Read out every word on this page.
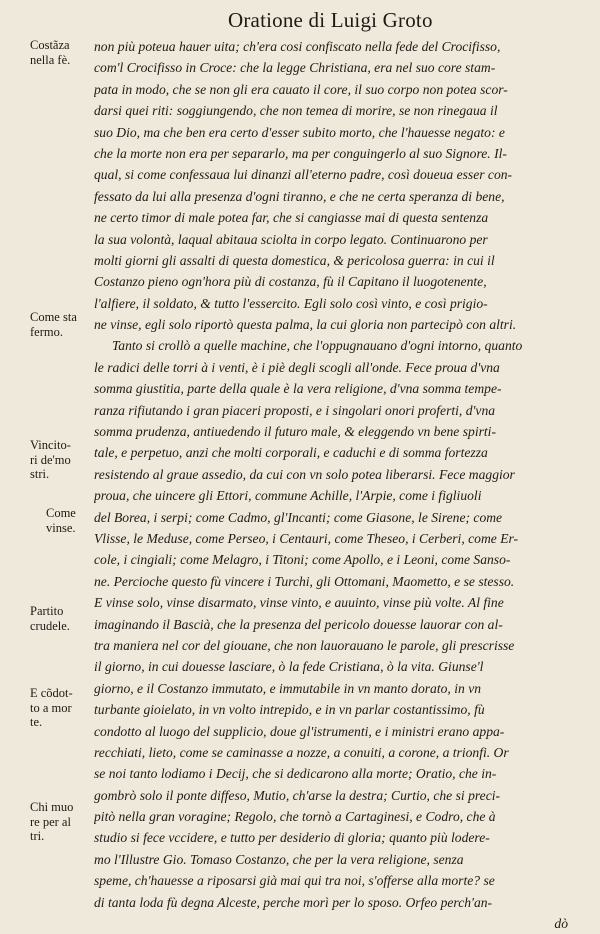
Oratione di Luigi Groto
non più poteua hauer uita; ch'era cosi confiscato nella fede del Crocifisso,
com'l Crocifisso in Croce: che la legge Christiana, era nel suo core stam-
pata in modo, che se non gli era cauato il core, il suo corpo non potea scor-
darsi quei riti: soggiungendo, che non temea di morire, se non rinegaua il
suo Dio, ma che ben era certo d'esser subito morto, che l'hauesse negato: e
che la morte non era per separarlo, ma per conguingerlo al suo Signore. Il-
qual, si come confessaua lui dinanzi all'eterno padre, così doueua esser con-
fessato da lui alla presenza d'ogni tiranno, e che ne certa speranza di bene,
ne certo timor di male potea far, che si cangiasse mai di questa sentenza
la sua volontà, laqual abitaua sciolta in corpo legato. Continuarono per
molti giorni gli assalti di questa domestica, & pericolosa guerra: in cui il
Costanzo pieno ogn'hora più di costanza, fù il Capitano il luogotenente,
l'alfiere, il soldato, & tutto l'essercito. Egli solo così vinto, e così prigio-
ne vinse, egli solo riportò questa palma, la cui gloria non partecipò con altri.
Tanto si crollò a quelle machine, che l'oppugnauano d'ogni intorno, quanto
le radici delle torri à i venti, è i piè degli scogli all'onde. Fece proua d'vna
somma giustitia, parte della quale è la vera religione, d'vna somma tempe-
ranza rifiutando i gran piaceri proposti, e i singolari onori proferti, d'vna
somma prudenza, antiuedendo il futuro male, & eleggendo vn bene spirti-
tale, e perpetuo, anzi che molti corporali, e caduchi e di somma fortezza
resistendo al graue assedio, da cui con vn solo potea liberarsi. Fece maggior
proua, che uincere gli Ettori, commune Achille, l'Arpie, come i figliuoli
del Borea, i serpi; come Cadmo, gl'Incanti; come Giasone, le Sirene; come
Vlisse, le Meduse, come Perseo, i Centauri, come Theseo, i Cerberi, come Er-
cole, i cingiali; come Melagro, i Titoni; come Apollo, e i Leoni, come Sanso-
ne. Percioche questo fù vincere i Turchi, gli Ottomani, Maometto, e se stesso.
E vinse solo, vinse disarmato, vinse vinto, e auuinto, vinse più volte. Al fine
imaginando il Bascià, che la presenza del pericolo douesse lauorar con al-
tra maniera nel cor del giouane, che non lauorauano le parole, gli prescrisse
il giorno, in cui douesse lasciare, ò la fede Cristiana, ò la vita. Giunse'l
giorno, e il Costanzo immutato, e immutabile in vn manto dorato, in vn
turbante gioielato, in vn volto intrepido, e in vn parlar costantissimo, fù
condotto al luogo del supplicio, doue gl'istrumenti, e i ministri erano appa-
recchiati, lieto, come se caminasse a nozze, a conuiti, a corone, a trionfi. Or
se noi tanto lodiamo i Decij, che si dedicarono alla morte; Oratio, che in-
gombrò solo il ponte diffeso, Mutio, ch'arse la destra; Curtio, che si preci-
pitò nella gran voragine; Regolo, che tornò a Cartaginesi, e Codro, che à
studio si fece vccidere, e tutto per desiderio di gloria; quanto più lodere-
mo l'Illustre Gio. Tomaso Costanzo, che per la vera religione, senza
speme, ch'hauesse a riposarsi già mai qui tra noi, s'offerse alla morte? se
di tanta loda fù degna Alceste, perche morì per lo sposo. Orfeo perch'an-
dò
Costãza
nella fè.
Come sta
fermo.
Vincito-
ri de'mo
stri.
Come
vinse.
Partito
crudele.
E cõdot-
to a mor
te.
Chi muo
re per al
tri.
